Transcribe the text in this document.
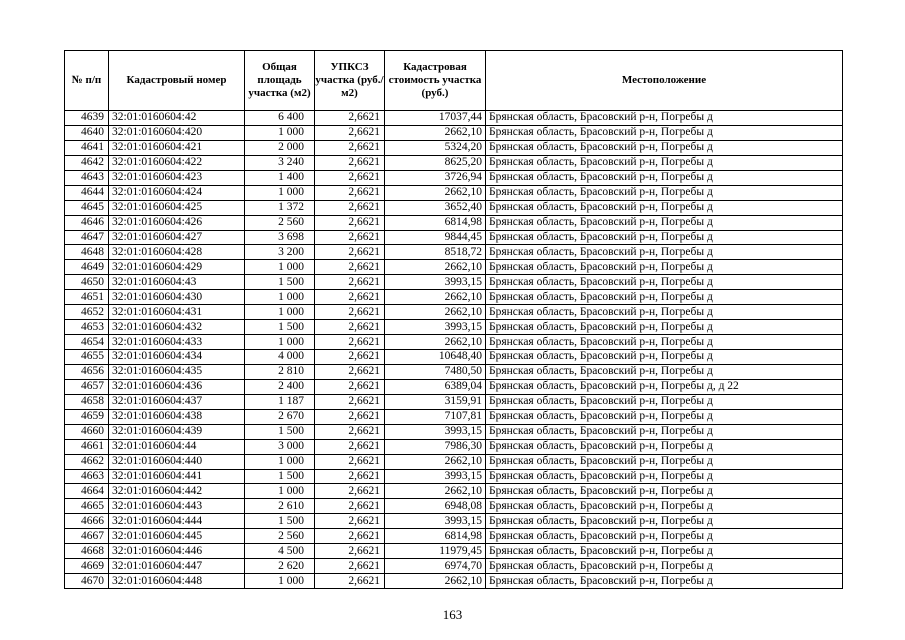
№ п/п	Кадастровый номер	Общая площадь участка (м2)	УПКСЗ участка (руб./м2)	Кадастровая стоимость участка (руб.)	Местоположение
4639	32:01:0160604:42	6 400	2,6621	17037,44	Брянская область, Брасовский р-н, Погребы д
4640	32:01:0160604:420	1 000	2,6621	2662,10	Брянская область, Брасовский р-н, Погребы д
4641	32:01:0160604:421	2 000	2,6621	5324,20	Брянская область, Брасовский р-н, Погребы д
4642	32:01:0160604:422	3 240	2,6621	8625,20	Брянская область, Брасовский р-н, Погребы д
4643	32:01:0160604:423	1 400	2,6621	3726,94	Брянская область, Брасовский р-н, Погребы д
4644	32:01:0160604:424	1 000	2,6621	2662,10	Брянская область, Брасовский р-н, Погребы д
4645	32:01:0160604:425	1 372	2,6621	3652,40	Брянская область, Брасовский р-н, Погребы д
4646	32:01:0160604:426	2 560	2,6621	6814,98	Брянская область, Брасовский р-н, Погребы д
4647	32:01:0160604:427	3 698	2,6621	9844,45	Брянская область, Брасовский р-н, Погребы д
4648	32:01:0160604:428	3 200	2,6621	8518,72	Брянская область, Брасовский р-н, Погребы д
4649	32:01:0160604:429	1 000	2,6621	2662,10	Брянская область, Брасовский р-н, Погребы д
4650	32:01:0160604:43	1 500	2,6621	3993,15	Брянская область, Брасовский р-н, Погребы д
4651	32:01:0160604:430	1 000	2,6621	2662,10	Брянская область, Брасовский р-н, Погребы д
4652	32:01:0160604:431	1 000	2,6621	2662,10	Брянская область, Брасовский р-н, Погребы д
4653	32:01:0160604:432	1 500	2,6621	3993,15	Брянская область, Брасовский р-н, Погребы д
4654	32:01:0160604:433	1 000	2,6621	2662,10	Брянская область, Брасовский р-н, Погребы д
4655	32:01:0160604:434	4 000	2,6621	10648,40	Брянская область, Брасовский р-н, Погребы д
4656	32:01:0160604:435	2 810	2,6621	7480,50	Брянская область, Брасовский р-н, Погребы д
4657	32:01:0160604:436	2 400	2,6621	6389,04	Брянская область, Брасовский р-н, Погребы д, д 22
4658	32:01:0160604:437	1 187	2,6621	3159,91	Брянская область, Брасовский р-н, Погребы д
4659	32:01:0160604:438	2 670	2,6621	7107,81	Брянская область, Брасовский р-н, Погребы д
4660	32:01:0160604:439	1 500	2,6621	3993,15	Брянская область, Брасовский р-н, Погребы д
4661	32:01:0160604:44	3 000	2,6621	7986,30	Брянская область, Брасовский р-н, Погребы д
4662	32:01:0160604:440	1 000	2,6621	2662,10	Брянская область, Брасовский р-н, Погребы д
4663	32:01:0160604:441	1 500	2,6621	3993,15	Брянская область, Брасовский р-н, Погребы д
4664	32:01:0160604:442	1 000	2,6621	2662,10	Брянская область, Брасовский р-н, Погребы д
4665	32:01:0160604:443	2 610	2,6621	6948,08	Брянская область, Брасовский р-н, Погребы д
4666	32:01:0160604:444	1 500	2,6621	3993,15	Брянская область, Брасовский р-н, Погребы д
4667	32:01:0160604:445	2 560	2,6621	6814,98	Брянская область, Брасовский р-н, Погребы д
4668	32:01:0160604:446	4 500	2,6621	11979,45	Брянская область, Брасовский р-н, Погребы д
4669	32:01:0160604:447	2 620	2,6621	6974,70	Брянская область, Брасовский р-н, Погребы д
4670	32:01:0160604:448	1 000	2,6621	2662,10	Брянская область, Брасовский р-н, Погребы д
163
